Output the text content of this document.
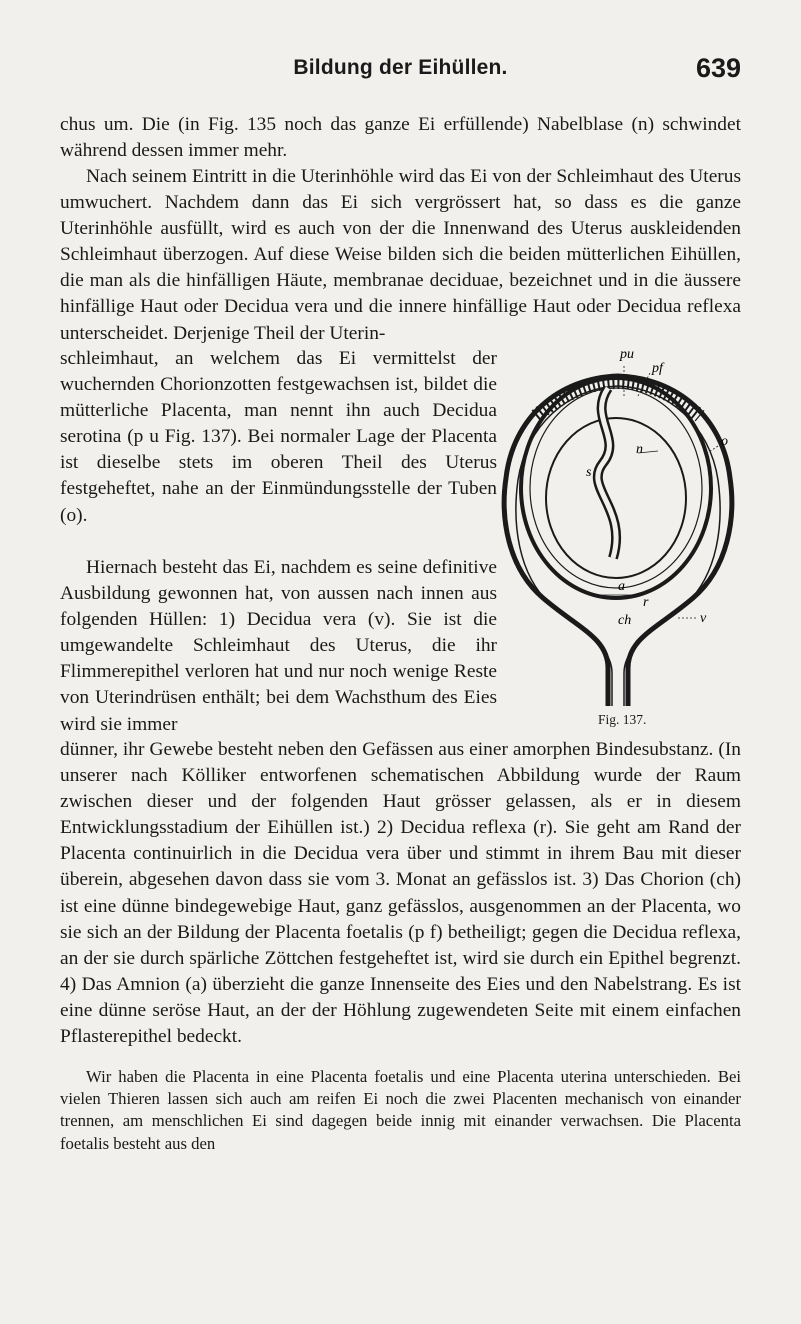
Bildung der Eihüllen.	639

chus um. Die (in Fig. 135 noch das ganze Ei erfüllende) Nabelblase (n) schwindet während dessen immer mehr.

Nach seinem Eintritt in die Uterinhöhle wird das Ei von der Schleimhaut des Uterus umwuchert. Nachdem dann das Ei sich vergrössert hat, so dass es die ganze Uterinhöhle ausfüllt, wird es auch von der die Innenwand des Uterus auskleidenden Schleimhaut überzogen. Auf diese Weise bilden sich die beiden mütterlichen Eihüllen, die man als die hinfälligen Häute, membranae deciduae, bezeichnet und in die äussere hinfällige Haut oder Decidua vera und die innere hinfällige Haut oder Decidua reflexa unterscheidet. Derjenige Theil der Uterin-

schleimhaut, an welchem das Ei vermittelst der wuchernden Chorionzotten festgewachsen ist, bildet die mütterliche Placenta, man nennt ihn auch Decidua serotina (p u Fig. 137). Bei normaler Lage der Placenta ist dieselbe stets im oberen Theil des Uterus festgeheftet, nahe an der Einmündungsstelle der Tuben (o).

Hiernach besteht das Ei, nachdem es seine definitive Ausbildung gewonnen hat, von aussen nach innen aus folgenden Hüllen: 1) Decidua vera (v). Sie ist die umgewandelte Schleimhaut des Uterus, die ihr Flimmerepithel verloren hat und nur noch wenige Reste von Uterindrüsen enthält; bei dem Wachsthum des Eies wird sie immer

dünner, ihr Gewebe besteht neben den Gefässen aus einer amorphen Bindesubstanz. (In unserer nach Kölliker entworfenen schematischen Abbildung wurde der Raum zwischen dieser und der folgenden Haut grösser gelassen, als er in diesem Entwicklungsstadium der Eihüllen ist.) 2) Decidua reflexa (r). Sie geht am Rand der Placenta continuirlich in die Decidua vera über und stimmt in ihrem Bau mit dieser überein, abgesehen davon dass sie vom 3. Monat an gefässlos ist. 3) Das Chorion (ch) ist eine dünne bindegewebige Haut, ganz gefässlos, ausgenommen an der Placenta, wo sie sich an der Bildung der Placenta foetalis (p f) betheiligt; gegen die Decidua reflexa, an der sie durch spärliche Zöttchen festgeheftet ist, wird sie durch ein Epithel begrenzt. 4) Das Amnion (a) überzieht die ganze Innenseite des Eies und den Nabelstrang. Es ist eine dünne seröse Haut, an der der Höhlung zugewendeten Seite mit einem einfachen Pflasterepithel bedeckt.

Wir haben die Placenta in eine Placenta foetalis und eine Placenta uterina unterschieden. Bei vielen Thieren lassen sich auch am reifen Ei noch die zwei Placenten mechanisch von einander trennen, am menschlichen Ei sind dagegen beide innig mit einander verwachsen. Die Placenta foetalis besteht aus den

pu
pf
o
n
s
a
r
ch	v
Fig. 137.
